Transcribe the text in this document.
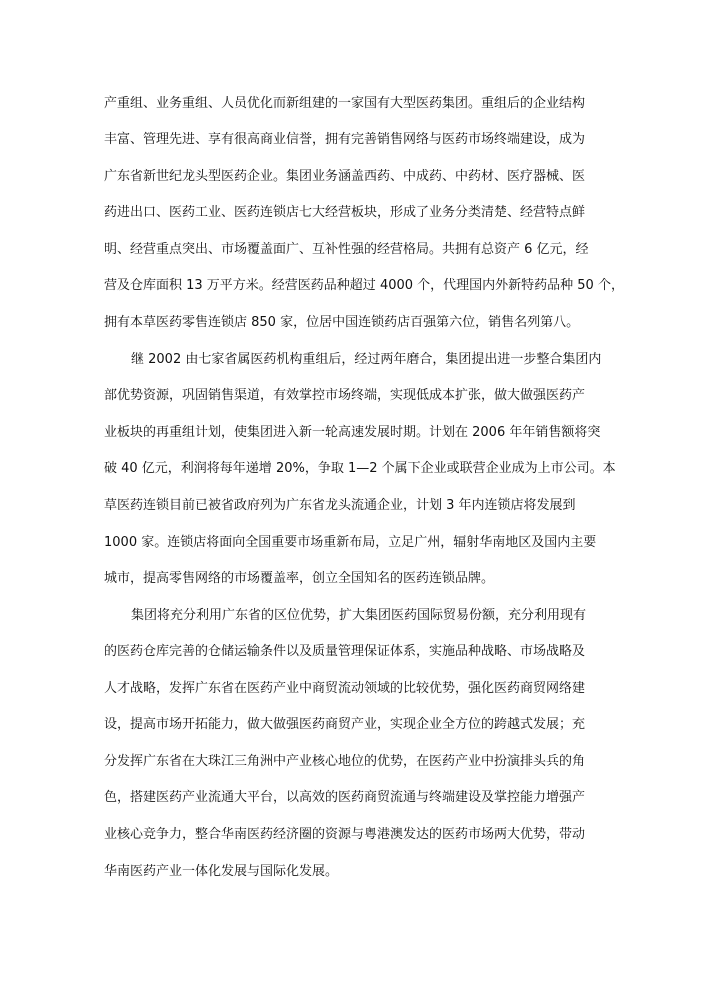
产重组、业务重组、人员优化而新组建的一家国有大型医药集团。重组后的企业结构
丰富、管理先进、享有很高商业信誉，拥有完善销售网络与医药市场终端建设，成为
广东省新世纪龙头型医药企业。集团业务涵盖西药、中成药、中药材、医疗器械、医
药进出口、医药工业、医药连锁店七大经营板块，形成了业务分类清楚、经营特点鲜
明、经营重点突出、市场覆盖面广、互补性强的经营格局。共拥有总资产 6 亿元，经
营及仓库面积 13 万平方米。经营医药品种超过 4000 个，代理国内外新特药品种 50 个，
拥有本草医药零售连锁店 850 家，位居中国连锁药店百强第六位，销售名列第八。
继 2002 由七家省属医药机构重组后，经过两年磨合，集团提出进一步整合集团内
部优势资源，巩固销售渠道，有效掌控市场终端，实现低成本扩张，做大做强医药产
业板块的再重组计划，使集团进入新一轮高速发展时期。计划在 2006 年年销售额将突
破 40 亿元，利润将每年递增 20%，争取 1—2 个属下企业或联营企业成为上市公司。本
草医药连锁目前已被省政府列为广东省龙头流通企业，计划 3 年内连锁店将发展到
1000 家。连锁店将面向全国重要市场重新布局，立足广州，辐射华南地区及国内主要
城市，提高零售网络的市场覆盖率，创立全国知名的医药连锁品牌。
集团将充分利用广东省的区位优势，扩大集团医药国际贸易份额，充分利用现有
的医药仓库完善的仓储运输条件以及质量管理保证体系，实施品种战略、市场战略及
人才战略，发挥广东省在医药产业中商贸流动领域的比较优势，强化医药商贸网络建
设，提高市场开拓能力，做大做强医药商贸产业，实现企业全方位的跨越式发展；充
分发挥广东省在大珠江三角洲中产业核心地位的优势，在医药产业中扮演排头兵的角
色，搭建医药产业流通大平台，以高效的医药商贸流通与终端建设及掌控能力增强产
业核心竞争力，整合华南医药经济圈的资源与粤港澳发达的医药市场两大优势，带动
华南医药产业一体化发展与国际化发展。
